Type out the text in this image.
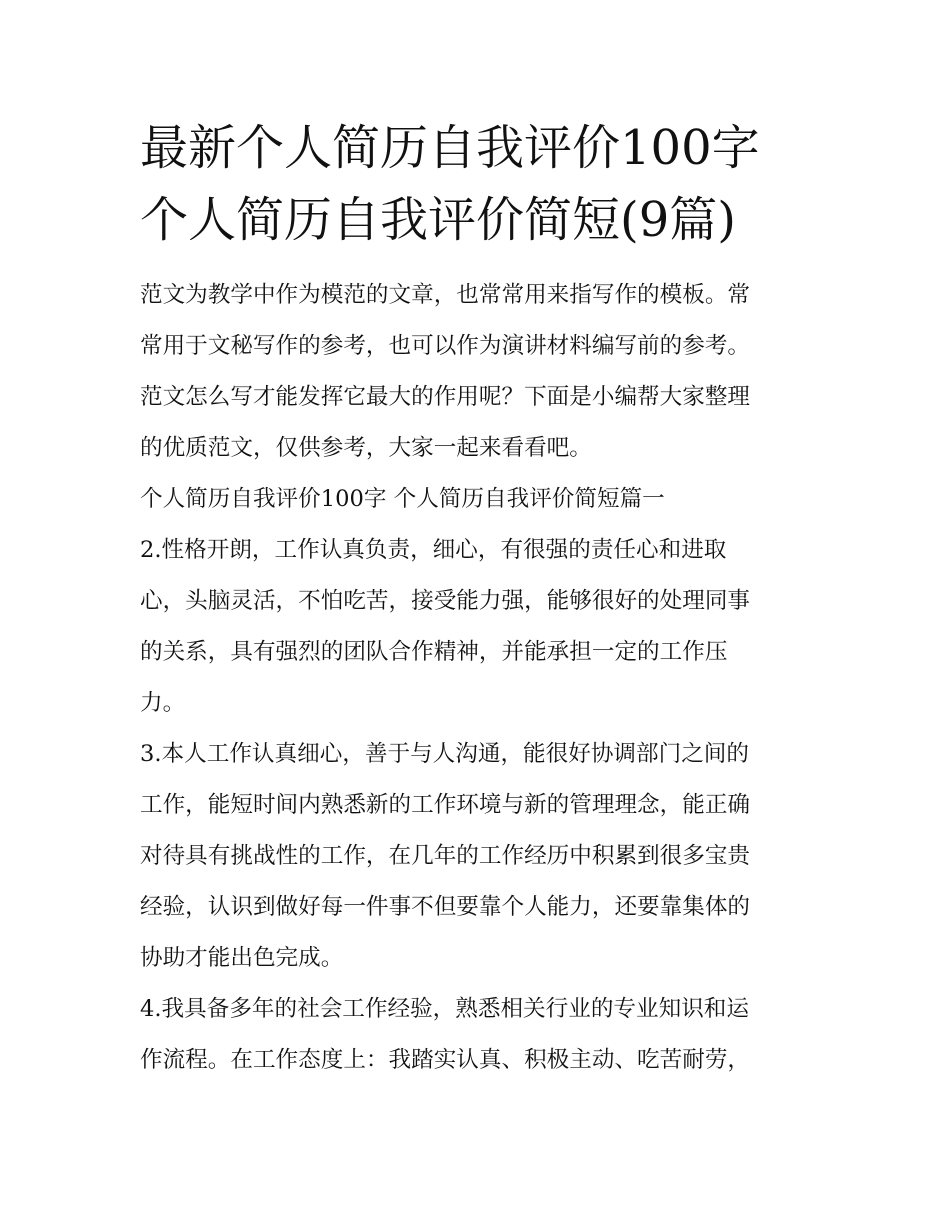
最新个人简历自我评价100字
个人简历自我评价简短(9篇)
范文为教学中作为模范的文章，也常常用来指写作的模板。常
常用于文秘写作的参考，也可以作为演讲材料编写前的参考。
范文怎么写才能发挥它最大的作用呢？下面是小编帮大家整理
的优质范文，仅供参考，大家一起来看看吧。
个人简历自我评价100字 个人简历自我评价简短篇一
2.性格开朗，工作认真负责，细心，有很强的责任心和进取
心，头脑灵活，不怕吃苦，接受能力强，能够很好的处理同事
的关系，具有强烈的团队合作精神，并能承担一定的工作压
力。
3.本人工作认真细心，善于与人沟通，能很好协调部门之间的
工作，能短时间内熟悉新的工作环境与新的管理理念，能正确
对待具有挑战性的工作，在几年的工作经历中积累到很多宝贵
经验，认识到做好每一件事不但要靠个人能力，还要靠集体的
协助才能出色完成。
4.我具备多年的社会工作经验，熟悉相关行业的专业知识和运
作流程。在工作态度上：我踏实认真、积极主动、吃苦耐劳，
